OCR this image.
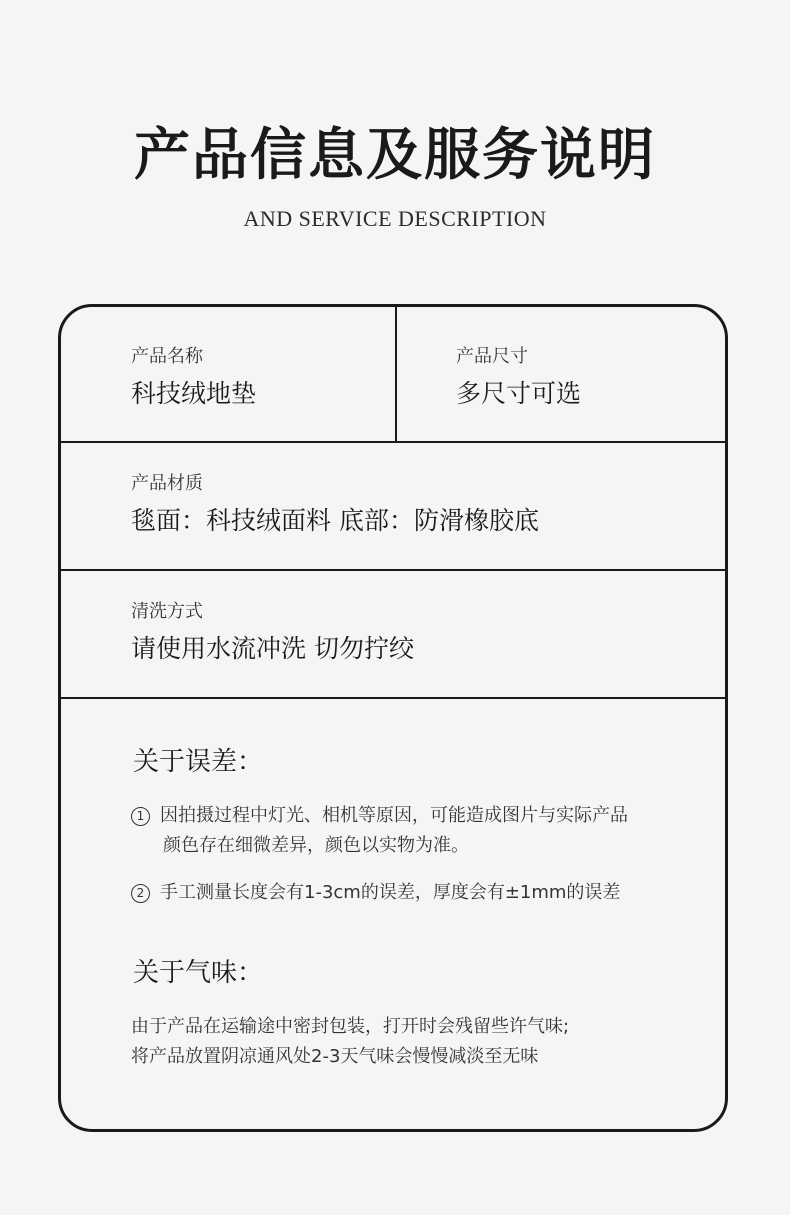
产品信息及服务说明
AND SERVICE DESCRIPTION
产品名称
科技绒地垫
产品尺寸
多尺寸可选
产品材质
毯面：科技绒面料 底部：防滑橡胶底
清洗方式
请使用水流冲洗 切勿拧绞
关于误差：
1 因拍摄过程中灯光、相机等原因，可能造成图片与实际产品
颜色存在细微差异，颜色以实物为准。
2 手工测量长度会有1-3cm的误差，厚度会有±1mm的误差
关于气味：
由于产品在运输途中密封包装，打开时会残留些许气味;
将产品放置阴凉通风处2-3天气味会慢慢减淡至无味
